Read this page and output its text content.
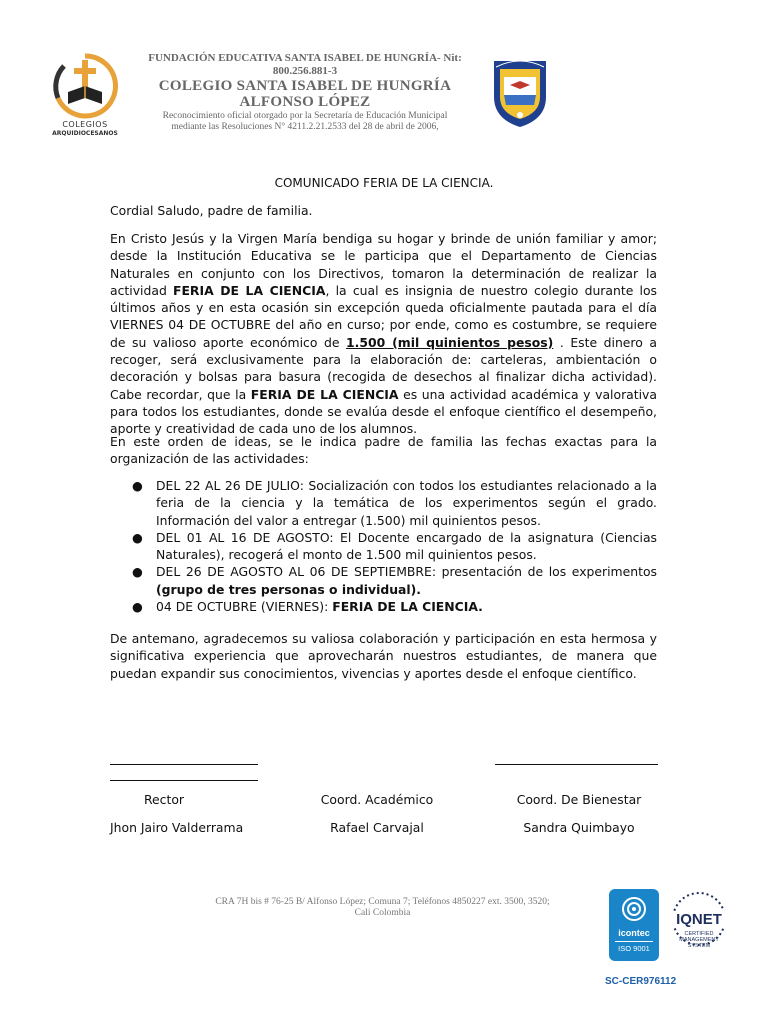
COLEGIOS
ARQUIDIOCESANOS
FUNDACIÓN EDUCATIVA SANTA ISABEL DE HUNGRÍA- Nit:
800.256.881-3
COLEGIO SANTA ISABEL DE HUNGRÍA
ALFONSO LÓPEZ
Reconocimiento oficial otorgado por la Secretaría de Educación Municipal
mediante las Resoluciones N° 4211.2.21.2533 del 28 de abril de 2006,
COMUNICADO FERIA DE LA CIENCIA.
Cordial Saludo, padre de familia.
En Cristo Jesús y la Virgen María bendiga su hogar y brinde de unión familiar y amor; desde la Institución Educativa se le participa que el Departamento de Ciencias Naturales en conjunto con los Directivos, tomaron la determinación de realizar la actividad FERIA DE LA CIENCIA, la cual es insignia de nuestro colegio durante los últimos años y en esta ocasión sin excepción queda oficialmente pautada para el día VIERNES 04 DE OCTUBRE del año en curso; por ende, como es costumbre, se requiere de su valioso aporte económico de 1.500 (mil quinientos pesos) . Este dinero a recoger, será exclusivamente para la elaboración de: carteleras, ambientación o decoración y bolsas para basura (recogida de desechos al finalizar dicha actividad). Cabe recordar, que la FERIA DE LA CIENCIA es una actividad académica y valorativa para todos los estudiantes, donde se evalúa desde el enfoque científico el desempeño, aporte y creatividad de cada uno de los alumnos.
En este orden de ideas, se le indica padre de familia las fechas exactas para la organización de las actividades:
● DEL 22 AL 26 DE JULIO: Socialización con todos los estudiantes relacionado a la feria de la ciencia y la temática de los experimentos según el grado. Información del valor a entregar (1.500) mil quinientos pesos.
● DEL 01 AL 16 DE AGOSTO: El Docente encargado de la asignatura (Ciencias Naturales), recogerá el monto de 1.500 mil quinientos pesos.
● DEL 26 DE AGOSTO AL 06 DE SEPTIEMBRE: presentación de los experimentos (grupo de tres personas o individual).
● 04 DE OCTUBRE (VIERNES): FERIA DE LA CIENCIA.
De antemano, agradecemos su valiosa colaboración y participación en esta hermosa y significativa experiencia que aprovecharán nuestros estudiantes, de manera que puedan expandir sus conocimientos, vivencias y aportes desde el enfoque científico.
Rector	Coord. Académico	Coord. De Bienestar
Jhon Jairo Valderrama	Rafael Carvajal	Sandra Quimbayo
CRA 7H bis # 76-25 B/ Alfonso López; Comuna 7; Teléfonos 4850227 ext. 3500, 3520;
Cali Colombia
icontec
ISO 9001
IQNET
CERTIFIED
MANAGEMENT
SYSTEM
SC-CER976112
